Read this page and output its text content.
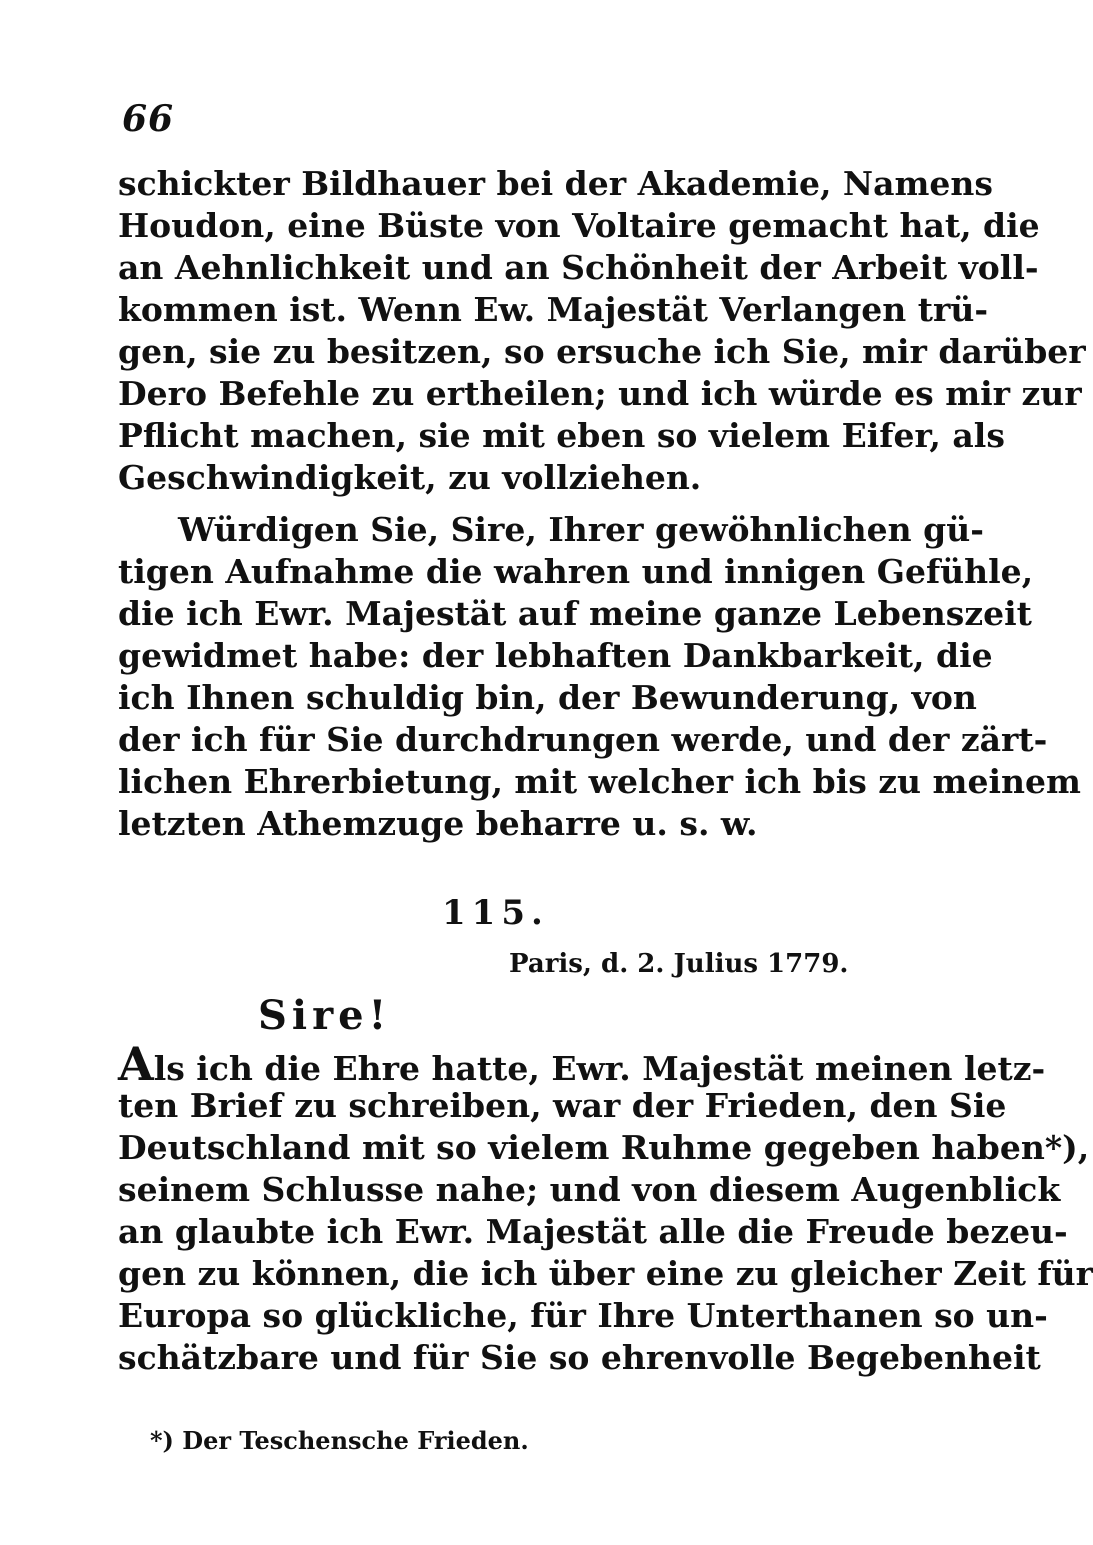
66
schickter Bildhauer bei der Akademie, Namens
Houdon, eine Büste von Voltaire gemacht hat, die
an Aehnlichkeit und an Schönheit der Arbeit voll-
kommen ist. Wenn Ew. Majestät Verlangen trü-
gen, sie zu besitzen, so ersuche ich Sie, mir darüber
Dero Befehle zu ertheilen; und ich würde es mir zur
Pflicht machen, sie mit eben so vielem Eifer, als
Geschwindigkeit, zu vollziehen.
Würdigen Sie, Sire, Ihrer gewöhnlichen gü-
tigen Aufnahme die wahren und innigen Gefühle,
die ich Ewr. Majestät auf meine ganze Lebenszeit
gewidmet habe: der lebhaften Dankbarkeit, die
ich Ihnen schuldig bin, der Bewunderung, von
der ich für Sie durchdrungen werde, und der zärt-
lichen Ehrerbietung, mit welcher ich bis zu meinem
letzten Athemzuge beharre u. s. w.
115.
Paris, d. 2. Julius 1779.
Sire!
Als ich die Ehre hatte, Ewr. Majestät meinen letz-
ten Brief zu schreiben, war der Frieden, den Sie
Deutschland mit so vielem Ruhme gegeben haben*),
seinem Schlusse nahe; und von diesem Augenblick
an glaubte ich Ewr. Majestät alle die Freude bezeu-
gen zu können, die ich über eine zu gleicher Zeit für
Europa so glückliche, für Ihre Unterthanen so un-
schätzbare und für Sie so ehrenvolle Begebenheit
*) Der Teschensche Frieden.
